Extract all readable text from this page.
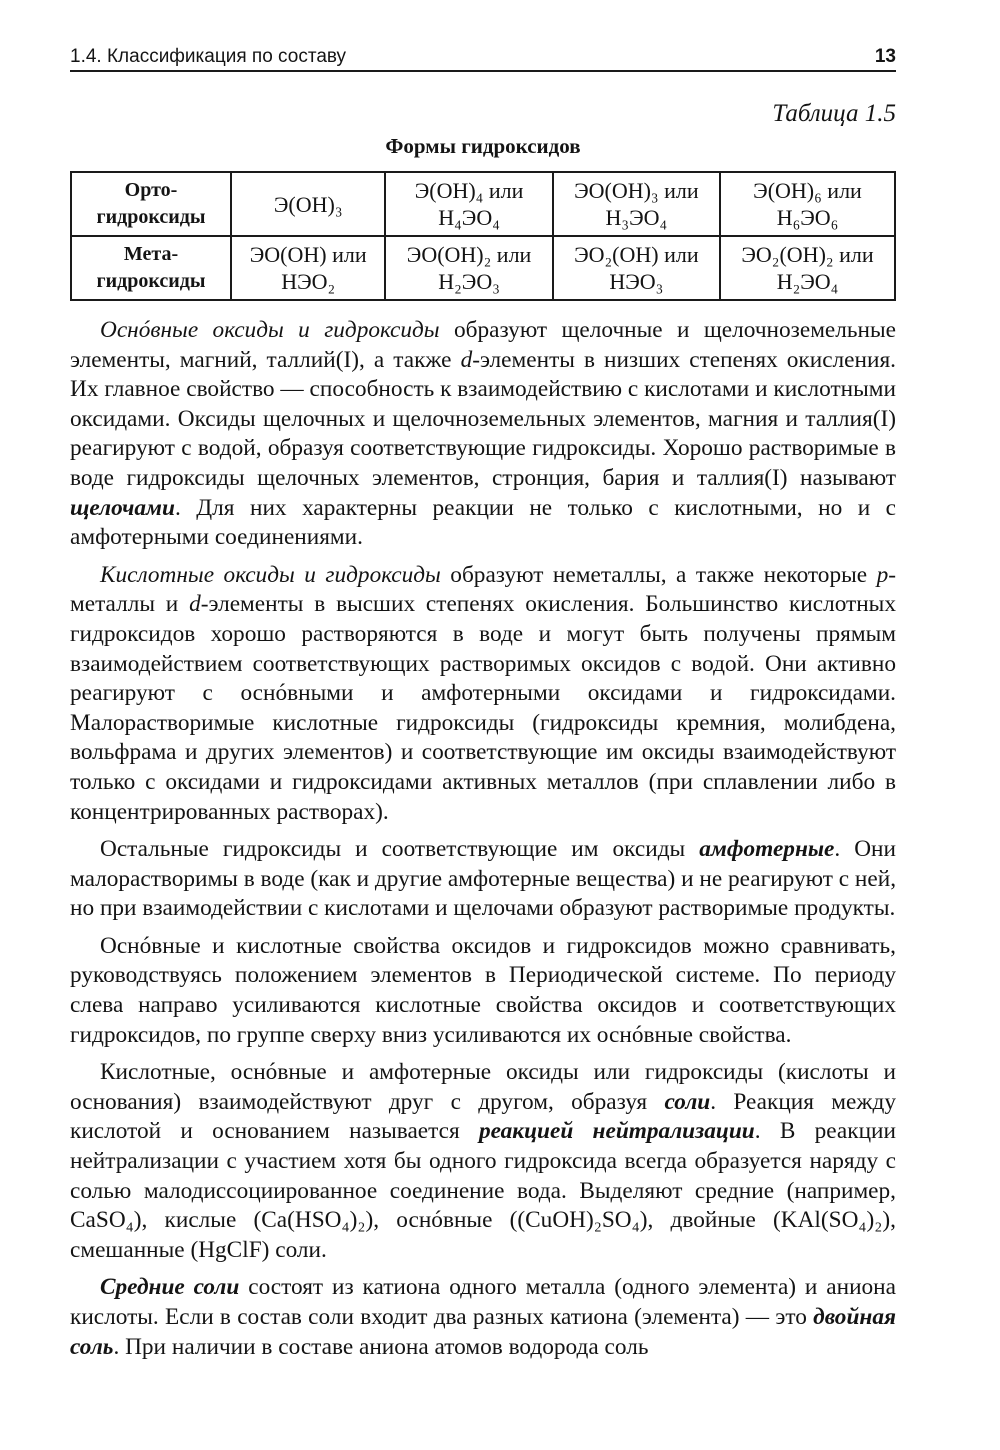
1.4. Классификация по составу	13
Таблица 1.5
Формы гидроксидов
Орто-гидроксиды	Э(OH)₃	Э(OH)₄ или H₄ЭO₄	ЭO(OH)₃ или H₃ЭO₄	Э(OH)₆ или H₆ЭO₆
Мета-гидроксиды	ЭO(OH) или HЭO₂	ЭO(OH)₂ или H₂ЭO₃	ЭO₂(OH) или HЭO₃	ЭO₂(OH)₂ или H₂ЭO₄

Оснóвные оксиды и гидроксиды образуют щелочные и щелочноземельные элементы, магний, таллий(I), а также d-элементы в низших степенях окисления. Их главное свойство — способность к взаимодействию с кислотами и кислотными оксидами. Оксиды щелочных и щелочноземельных элементов, магния и таллия(I) реагируют с водой, образуя соответствующие гидроксиды. Хорошо растворимые в воде гидроксиды щелочных элементов, стронция, бария и таллия(I) называют щелочами. Для них характерны реакции не только с кислотными, но и с амфотерными соединениями.

Кислотные оксиды и гидроксиды образуют неметаллы, а также некоторые p-металлы и d-элементы в высших степенях окисления. Большинство кислотных гидроксидов хорошо растворяются в воде и могут быть получены прямым взаимодействием соответствующих растворимых оксидов с водой. Они активно реагируют с оснóвными и амфотерными оксидами и гидроксидами. Малорастворимые кислотные гидроксиды (гидроксиды кремния, молибдена, вольфрама и других элементов) и соответствующие им оксиды взаимодействуют только с оксидами и гидроксидами активных металлов (при сплавлении либо в концентрированных растворах).

Остальные гидроксиды и соответствующие им оксиды амфотерные. Они малорастворимы в воде (как и другие амфотерные вещества) и не реагируют с ней, но при взаимодействии с кислотами и щелочами образуют растворимые продукты.

Оснóвные и кислотные свойства оксидов и гидроксидов можно сравнивать, руководствуясь положением элементов в Периодической системе. По периоду слева направо усиливаются кислотные свойства оксидов и соответствующих гидроксидов, по группе сверху вниз усиливаются их оснóвные свойства.

Кислотные, оснóвные и амфотерные оксиды или гидроксиды (кислоты и основания) взаимодействуют друг с другом, образуя соли. Реакция между кислотой и основанием называется реакцией нейтрализации. В реакции нейтрализации с участием хотя бы одного гидроксида всегда образуется наряду с солью малодиссоциированное соединение вода. Выделяют средние (например, CaSO₄), кислые (Ca(HSO₄)₂), оснóвные ((CuOH)₂SO₄), двойные (KAl(SO₄)₂), смешанные (HgClF) соли.

Средние соли состоят из катиона одного металла (одного элемента) и аниона кислоты. Если в состав соли входит два разных катиона (элемента) — это двойная соль. При наличии в составе аниона атомов водорода соль
